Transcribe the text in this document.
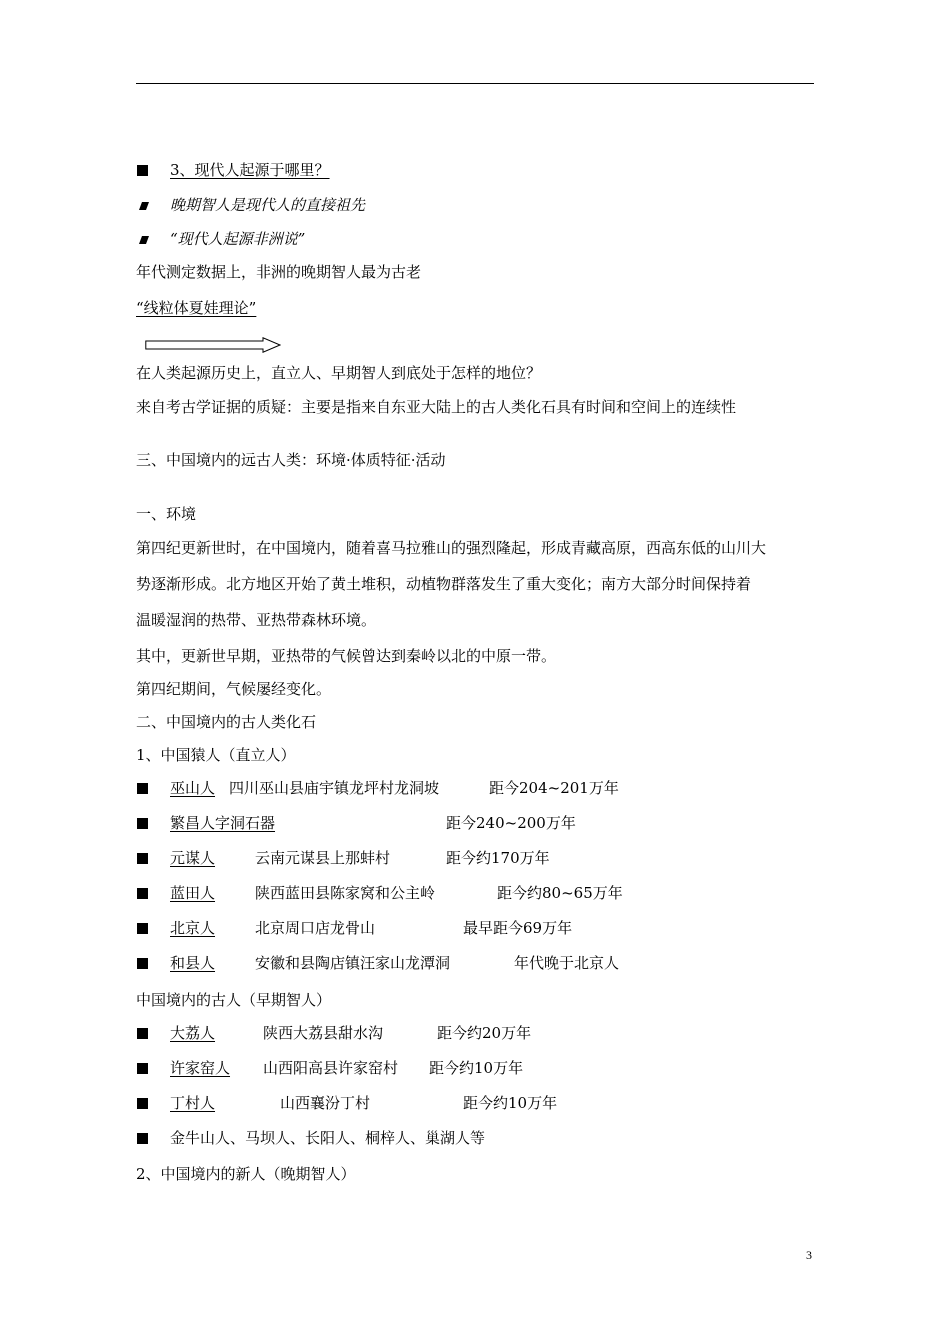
3、现代人起源于哪里？
晚期智人是现代人的直接祖先
“现代人起源非洲说”
年代测定数据上，非洲的晚期智人最为古老
“线粒体夏娃理论”
在人类起源历史上，直立人、早期智人到底处于怎样的地位？
来自考古学证据的质疑：主要是指来自东亚大陆上的古人类化石具有时间和空间上的连续性
三、中国境内的远古人类：环境·体质特征·活动
一、环境
第四纪更新世时，在中国境内，随着喜马拉雅山的强烈隆起，形成青藏高原，西高东低的山川大
势逐渐形成。北方地区开始了黄土堆积，动植物群落发生了重大变化；南方大部分时间保持着
温暖湿润的热带、亚热带森林环境。
其中，更新世早期，亚热带的气候曾达到秦岭以北的中原一带。
第四纪期间，气候屡经变化。
二、中国境内的古人类化石
1、中国猿人（直立人）
巫山人 四川巫山县庙宇镇龙坪村龙洞坡	距今204~201万年
繁昌人字洞石器	距今240~200万年
元谋人	云南元谋县上那蚌村	距今约170万年
蓝田人	陕西蓝田县陈家窝和公主岭	距今约80~65万年
北京人	北京周口店龙骨山	最早距今69万年
和县人	安徽和县陶店镇汪家山龙潭洞	年代晚于北京人
中国境内的古人（早期智人）
大荔人	陕西大荔县甜水沟	距今约20万年
许家窑人 山西阳高县许家窑村 距今约10万年
丁村人	山西襄汾丁村	距今约10万年
金牛山人、马坝人、长阳人、桐梓人、巢湖人等
2、中国境内的新人（晚期智人）
3
